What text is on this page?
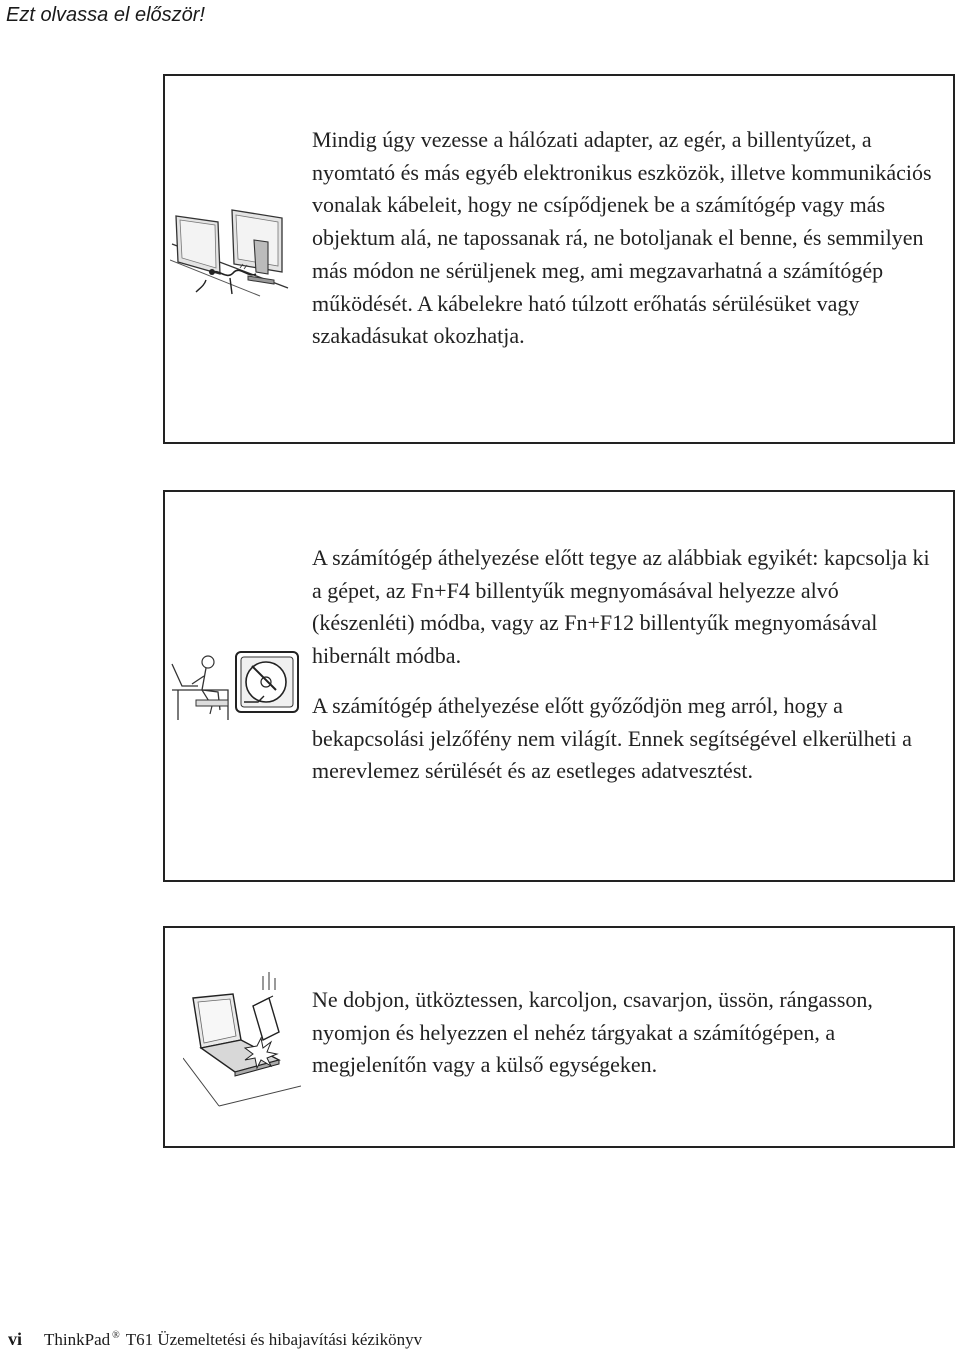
Ezt olvassa el először!

Mindig úgy vezesse a hálózati adapter, az egér, a billentyűzet, a nyomtató és más egyéb elektronikus eszközök, illetve kommunikációs vonalak kábeleit, hogy ne csípődjenek be a számítógép vagy más objektum alá, ne tapossanak rá, ne botoljanak el benne, és semmilyen más módon ne sérüljenek meg, ami megzavarhatná a számítógép működését. A kábelekre ható túlzott erőhatás sérülésüket vagy szakadásukat okozhatja.

A számítógép áthelyezése előtt tegye az alábbiak egyikét: kapcsolja ki a gépet, az Fn+F4 billentyűk megnyomásával helyezze alvó (készenléti) módba, vagy az Fn+F12 billentyűk megnyomásával hibernált módba.

A számítógép áthelyezése előtt győződjön meg arról, hogy a bekapcsolási jelzőfény nem világít. Ennek segítségével elkerülheti a merevlemez sérülését és az esetleges adatvesztést.

Ne dobjon, ütköztessen, karcoljon, csavarjon, üssön, rángasson, nyomjon és helyezzen el nehéz tárgyakat a számítógépen, a megjelenítőn vagy a külső egységeken.

vi ThinkPad ® T61 Üzemeltetési és hibajavítási kézikönyv
